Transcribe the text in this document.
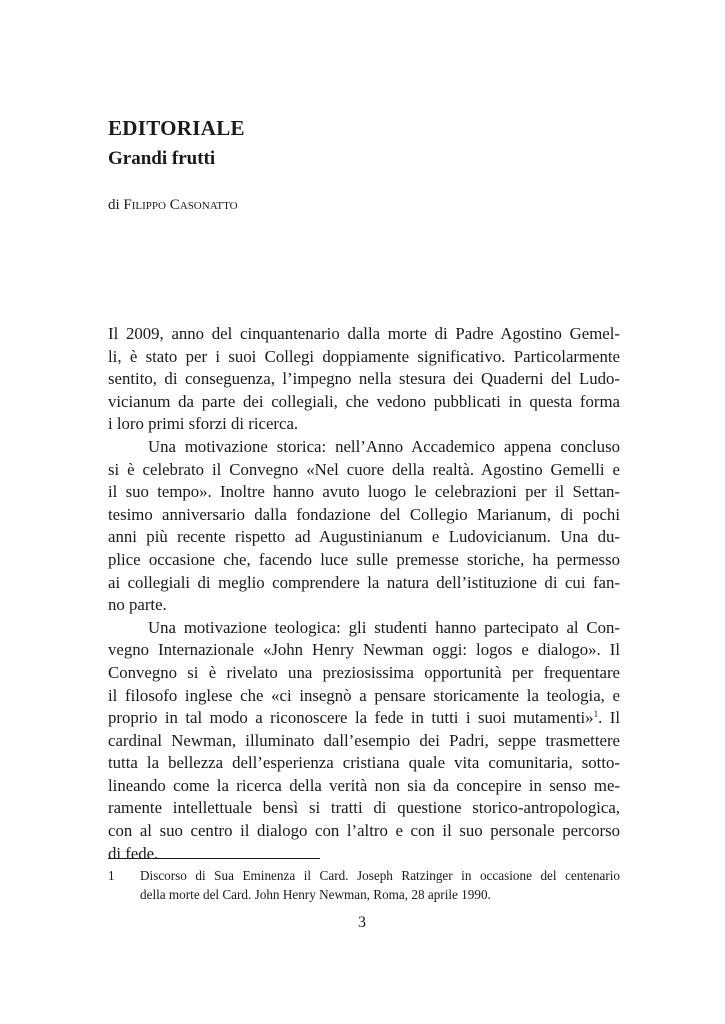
EDITORIALE
Grandi frutti

di Filippo Casonatto

Il 2009, anno del cinquantenario dalla morte di Padre Agostino Gemel-
li, è stato per i suoi Collegi doppiamente significativo. Particolarmente
sentito, di conseguenza, l’impegno nella stesura dei Quaderni del Ludo-
vicianum da parte dei collegiali, che vedono pubblicati in questa forma
i loro primi sforzi di ricerca.
Una motivazione storica: nell’Anno Accademico appena concluso
si è celebrato il Convegno «Nel cuore della realtà. Agostino Gemelli e
il suo tempo». Inoltre hanno avuto luogo le celebrazioni per il Settan-
tesimo anniversario dalla fondazione del Collegio Marianum, di pochi
anni più recente rispetto ad Augustinianum e Ludovicianum. Una du-
plice occasione che, facendo luce sulle premesse storiche, ha permesso
ai collegiali di meglio comprendere la natura dell’istituzione di cui fan-
no parte.
Una motivazione teologica: gli studenti hanno partecipato al Con-
vegno Internazionale «John Henry Newman oggi: logos e dialogo». Il
Convegno si è rivelato una preziosissima opportunità per frequentare
il filosofo inglese che «ci insegnò a pensare storicamente la teologia, e
proprio in tal modo a riconoscere la fede in tutti i suoi mutamenti»$^1$. Il
cardinal Newman, illuminato dall’esempio dei Padri, seppe trasmettere
tutta la bellezza dell’esperienza cristiana quale vita comunitaria, sotto-
lineando come la ricerca della verità non sia da concepire in senso me-
ramente intellettuale bensì si tratti di questione storico-antropologica,
con al suo centro il dialogo con l’altro e con il suo personale percorso
di fede.
1 Discorso di Sua Eminenza il Card. Joseph Ratzinger in occasione del centenario
della morte del Card. John Henry Newman, Roma, 28 aprile 1990.
3
